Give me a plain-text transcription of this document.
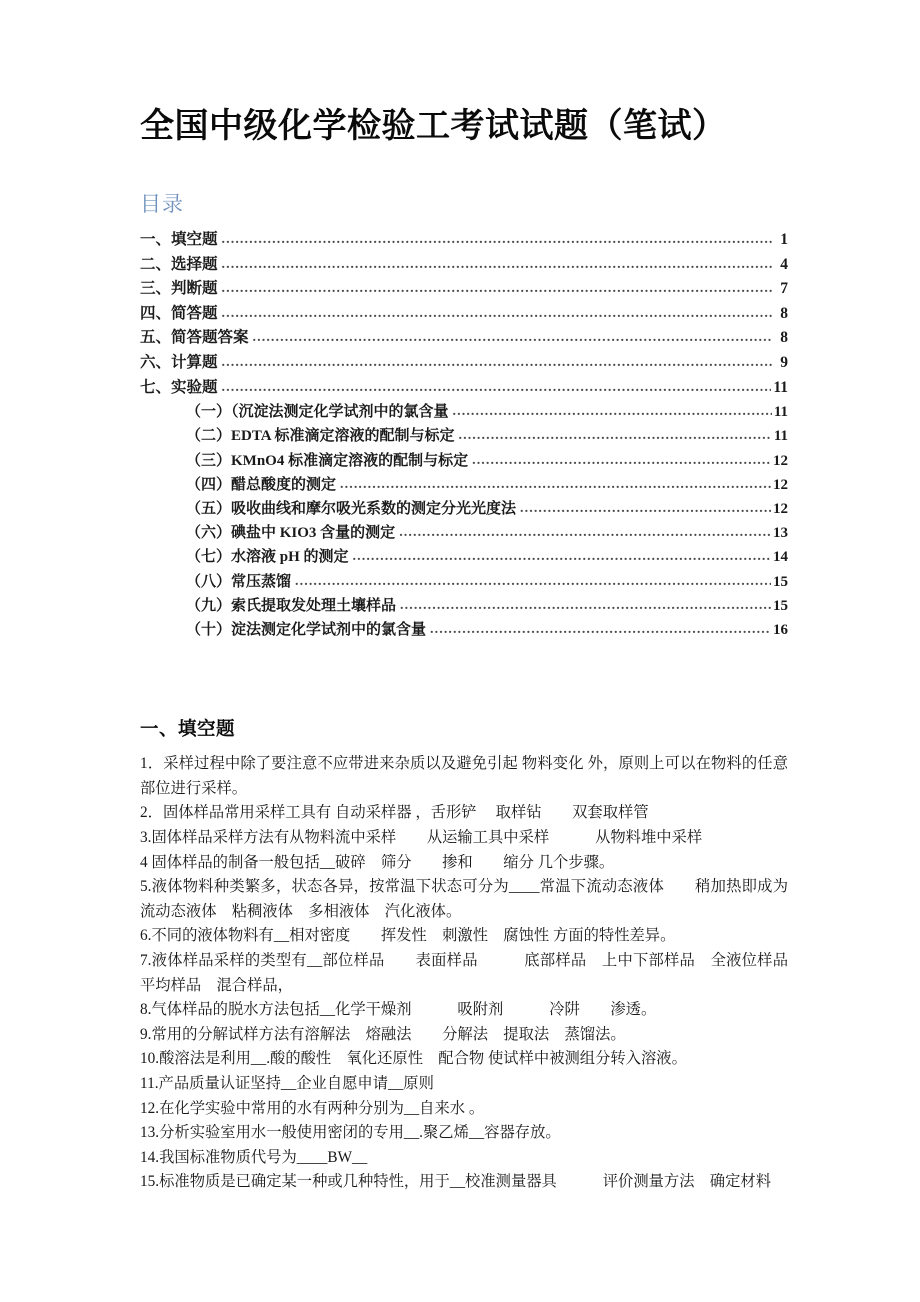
全国中级化学检验工考试试题（笔试）
目录
一、填空题 .....	1
二、选择题 .....	4
三、判断题 .....	7
四、简答题 .....	8
五、简答题答案 .....	8
六、计算题 .....	9
七、实验题 .....	11
（一）（沉淀法测定化学试剂中的氯含量 .....	11
（二）EDTA 标准滴定溶液的配制与标定 .....	11
（三）KMnO4 标准滴定溶液的配制与标定 .....	12
（四）醋总酸度的测定 .....	12
（五）吸收曲线和摩尔吸光系数的测定分光光度法 .....	12
（六）碘盐中 KIO3 含量的测定 .....	13
（七）水溶液 pH 的测定 .....	14
（八）常压蒸馏 .....	15
（九）索氏提取发处理土壤样品 .....	15
（十）淀法测定化学试剂中的氯含量 .....	16
一、填空题
1．采样过程中除了要注意不应带进来杂质以及避免引起 物料变化 外，原则上可以在物料的任意部位进行采样。
2．固体样品常用采样工具有 自动采样器 ，舌形铲　 取样钻　　双套取样管
3.固体样品采样方法有从物料流中采样　　从运输工具中采样　　　从物料堆中采样
4 固体样品的制备一般包括__破碎　筛分　　掺和　　缩分 几个步骤。
5.液体物料种类繁多，状态各异，按常温下状态可分为____常温下流动态液体　　稍加热即成为流动态液体　粘稠液体　多相液体　汽化液体。
6.不同的液体物料有__相对密度　　挥发性　刺激性　腐蚀性 方面的特性差异。
7.液体样品采样的类型有__部位样品　　表面样品　　　底部样品　上中下部样品　全液位样品　平均样品　混合样品，
8.气体样品的脱水方法包括__化学干燥剂　　　吸附剂　　　冷阱　　渗透。
9.常用的分解试样方法有溶解法　熔融法　　分解法　提取法　蒸馏法。
10.酸溶法是利用__.酸的酸性　氧化还原性　配合物 使试样中被测组分转入溶液。
11.产品质量认证坚持__企业自愿申请__原则
12.在化学实验中常用的水有两种分别为__自来水 。
13.分析实验室用水一般使用密闭的专用__.聚乙烯__容器存放。
14.我国标准物质代号为____BW__
15.标准物质是已确定某一种或几种特性，用于__校准测量器具　　　评价测量方法　确定材料
